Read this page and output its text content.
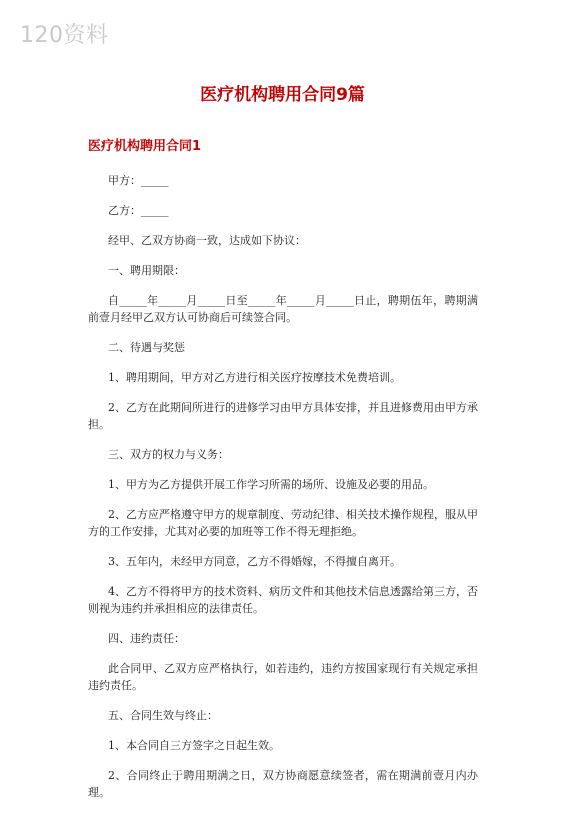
120资料
医疗机构聘用合同9篇
医疗机构聘用合同1

甲方：_____

乙方：_____

经甲、乙双方协商一致，达成如下协议：

一、聘用期限：

自_____年_____月_____日至_____年_____月_____日止，聘期伍年，聘期满前壹月经甲乙双方认可协商后可续签合同。

二、待遇与奖惩

1、聘用期间，甲方对乙方进行相关医疗按摩技术免费培训。

2、乙方在此期间所进行的进修学习由甲方具体安排，并且进修费用由甲方承担。

三、双方的权力与义务：

1、甲方为乙方提供开展工作学习所需的场所、设施及必要的用品。

2、乙方应严格遵守甲方的规章制度、劳动纪律、相关技术操作规程，服从甲方的工作安排，尤其对必要的加班等工作不得无理拒绝。

3、五年内，未经甲方同意，乙方不得婚嫁，不得擅自离开。

4、乙方不得将甲方的技术资料、病历文件和其他技术信息透露给第三方，否则视为违约并承担相应的法律责任。

四、违约责任：

此合同甲、乙双方应严格执行，如若违约，违约方按国家现行有关规定承担违约责任。

五、合同生效与终止：

1、本合同自三方签字之日起生效。

2、合同终止于聘用期满之日，双方协商愿意续签者，需在期满前壹月内办理。
